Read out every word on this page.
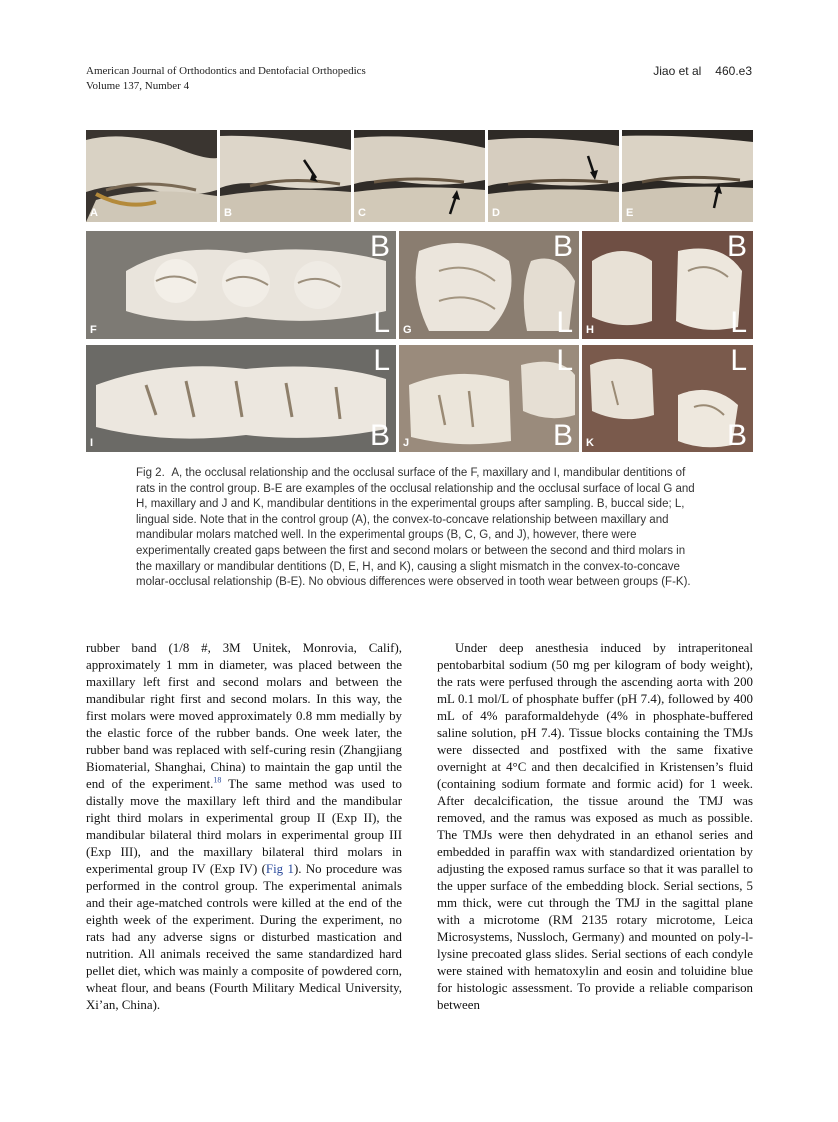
American Journal of Orthodontics and Dentofacial Orthopedics
Volume 137, Number 4
Jiao et al 460.e3
A	B	C	D	E
B
L
F
B
L
G
B
L
H
L
B
I
L
B
J
L
B
K
Fig 2. A, the occlusal relationship and the occlusal surface of the F, maxillary and I, mandibular dentitions of rats in the control group. B-E are examples of the occlusal relationship and the occlusal surface of local G and H, maxillary and J and K, mandibular dentitions in the experimental groups after sampling. B, buccal side; L, lingual side. Note that in the control group (A), the convex-to-concave relationship between maxillary and mandibular molars matched well. In the experimental groups (B, C, G, and J), however, there were experimentally created gaps between the first and second molars or between the second and third molars in the maxillary or mandibular dentitions (D, E, H, and K), causing a slight mismatch in the convex-to-concave molar-occlusal relationship (B-E). No obvious differences were observed in tooth wear between groups (F-K).

rubber band (1/8 #, 3M Unitek, Monrovia, Calif), approximately 1 mm in diameter, was placed between the maxillary left first and second molars and between the mandibular right first and second molars. In this way, the first molars were moved approximately 0.8 mm medially by the elastic force of the rubber bands. One week later, the rubber band was replaced with self-curing resin (Zhangjiang Biomaterial, Shanghai, China) to maintain the gap until the end of the experiment.$^{18}$ The same method was used to distally move the maxillary left third and the mandibular right third molars in experimental group II (Exp II), the mandibular bilateral third molars in experimental group III (Exp III), and the maxillary bilateral third molars in experimental group IV (Exp IV) (Fig 1). No procedure was performed in the control group. The experimental animals and their age-matched controls were killed at the end of the eighth week of the experiment. During the experiment, no rats had any adverse signs or disturbed mastication and nutrition. All animals received the same standardized hard pellet diet, which was mainly a composite of powdered corn, wheat flour, and beans (Fourth Military Medical University, Xi’an, China).

Under deep anesthesia induced by intraperitoneal pentobarbital sodium (50 mg per kilogram of body weight), the rats were perfused through the ascending aorta with 200 mL 0.1 mol/L of phosphate buffer (pH 7.4), followed by 400 mL of 4% paraformaldehyde (4% in phosphate-buffered saline solution, pH 7.4). Tissue blocks containing the TMJs were dissected and postfixed with the same fixative overnight at 4°C and then decalcified in Kristensen’s fluid (containing sodium formate and formic acid) for 1 week. After decalcification, the tissue around the TMJ was removed, and the ramus was exposed as much as possible. The TMJs were then dehydrated in an ethanol series and embedded in paraffin wax with standardized orientation by adjusting the exposed ramus surface so that it was parallel to the upper surface of the embedding block. Serial sections, 5 mm thick, were cut through the TMJ in the sagittal plane with a microtome (RM 2135 rotary microtome, Leica Microsystems, Nussloch, Germany) and mounted on poly-l-lysine precoated glass slides. Serial sections of each condyle were stained with hematoxylin and eosin and toluidine blue for histologic assessment. To provide a reliable comparison between
